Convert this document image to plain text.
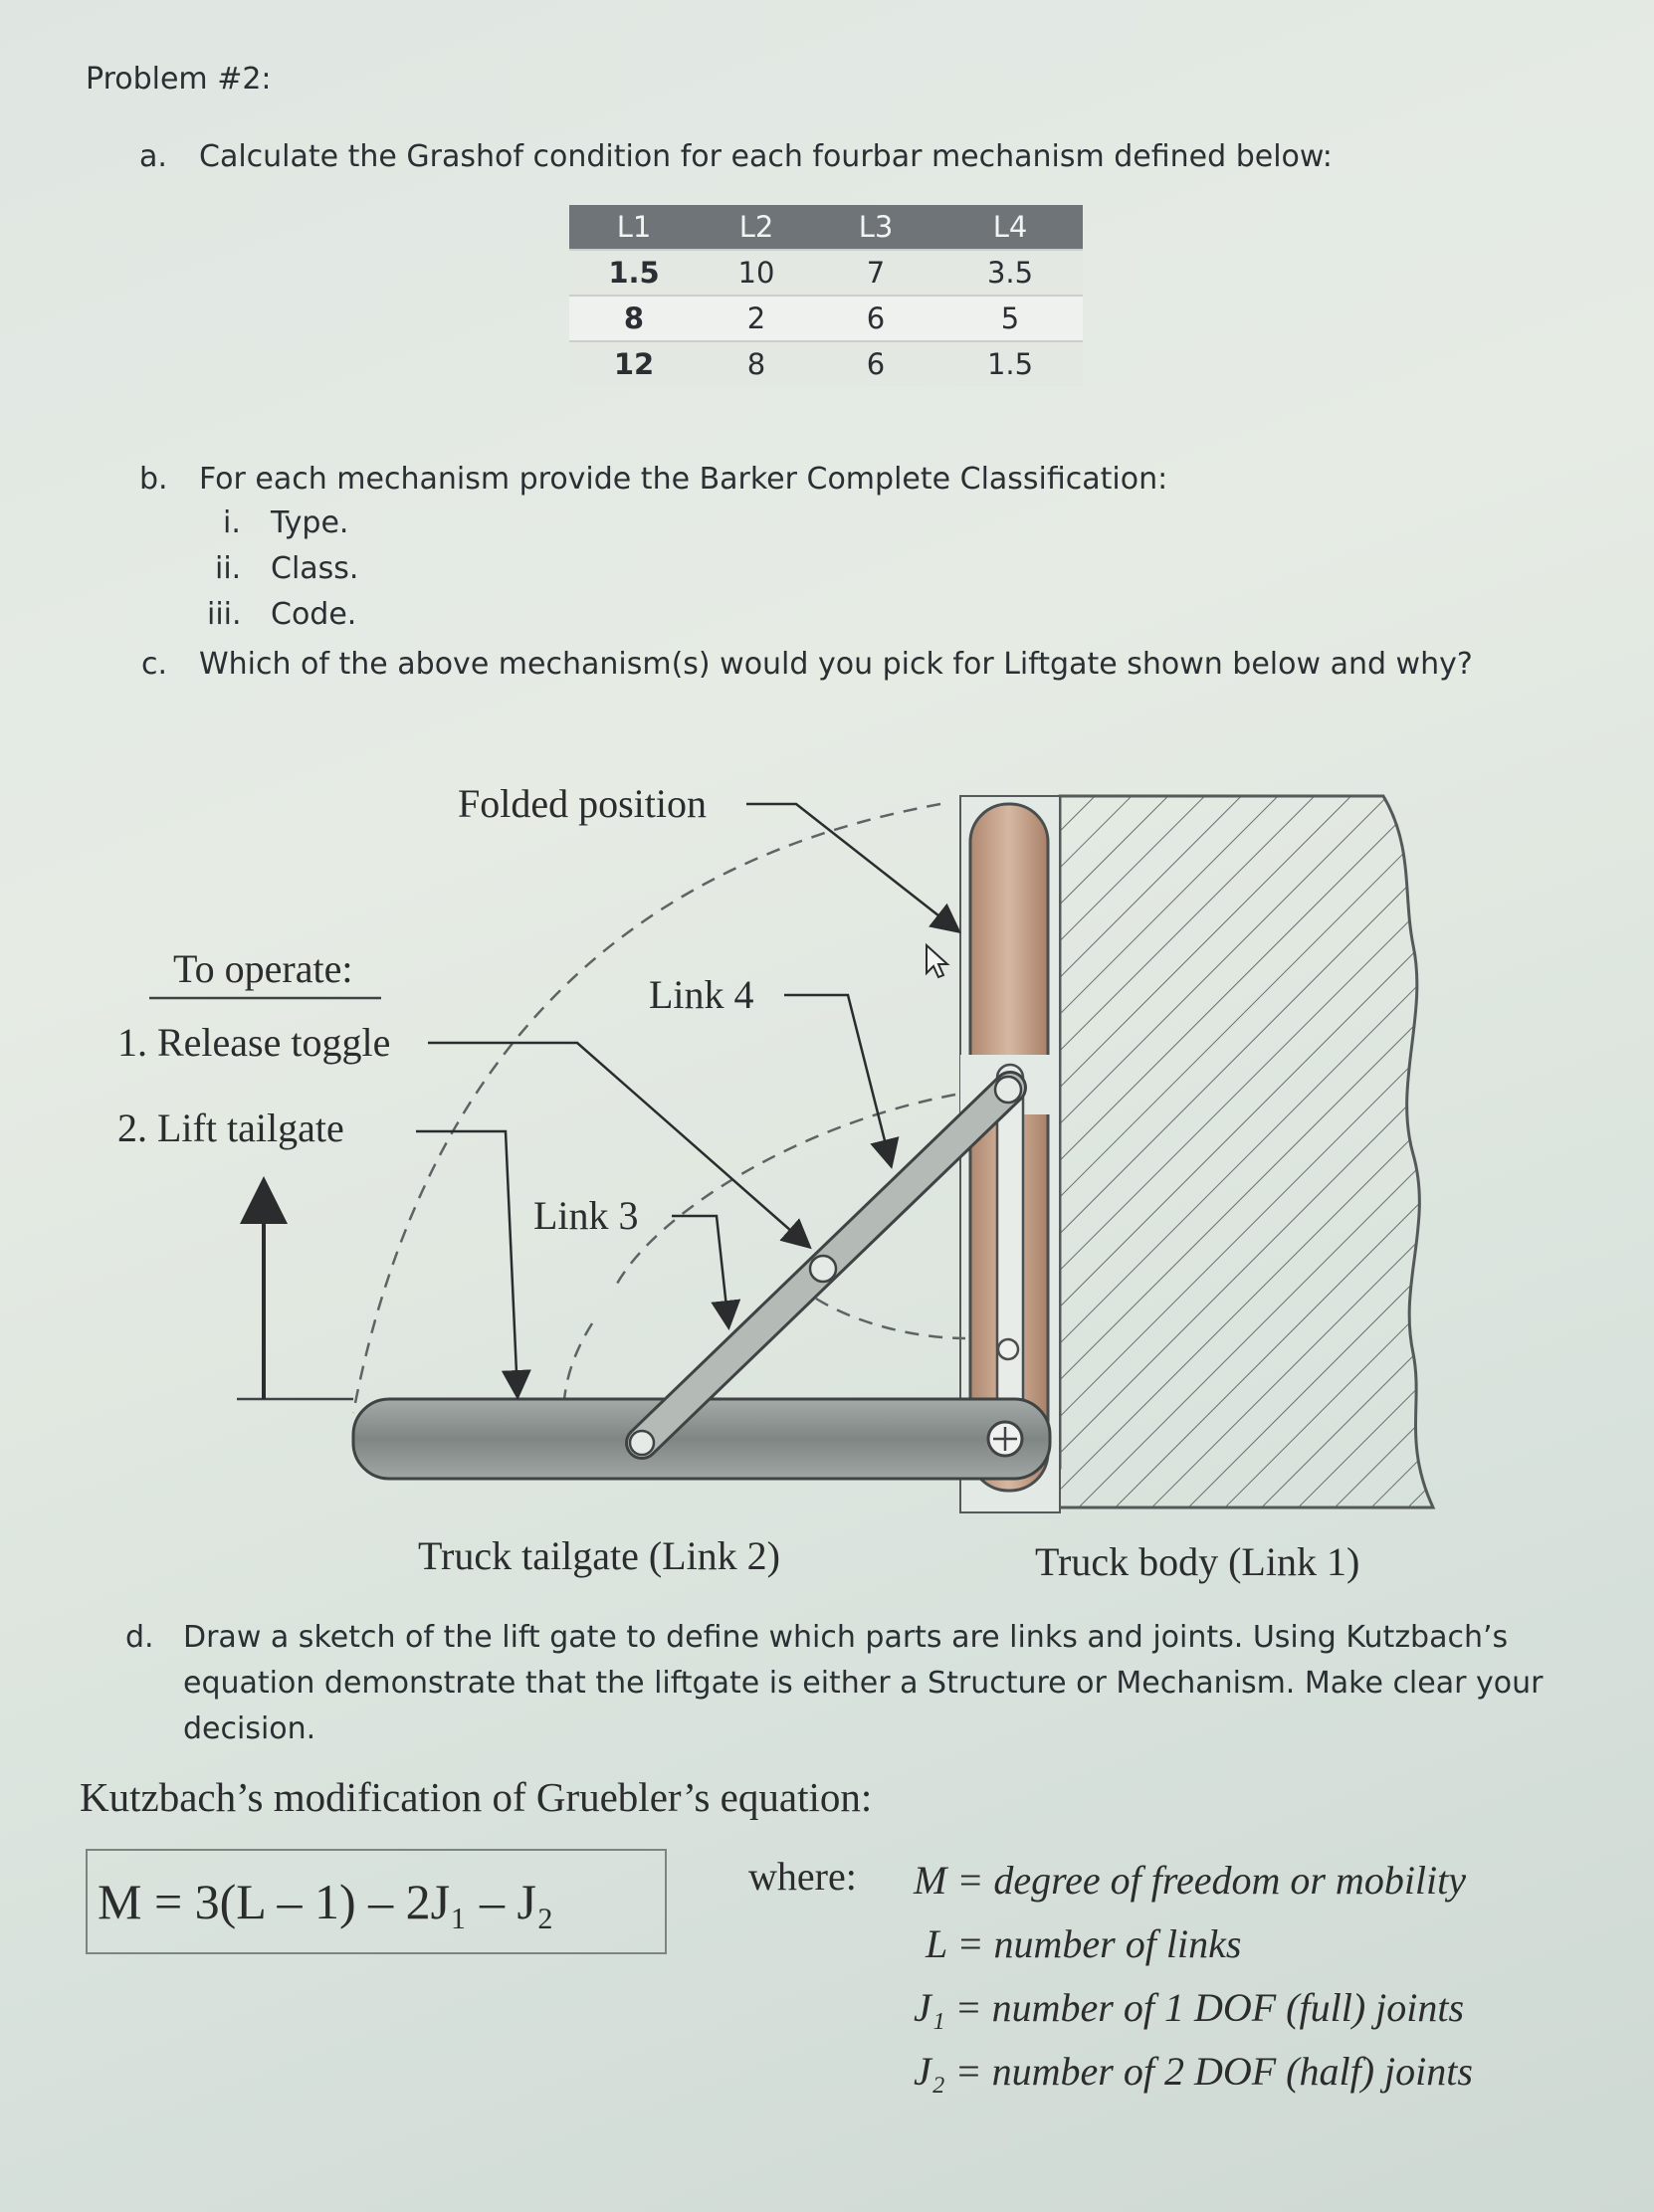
Problem #2:
a. Calculate the Grashof condition for each fourbar mechanism defined below:
L1	L2	L3	L4
1.5	10	7	3.5
8	2	6	5
12	8	6	1.5
b. For each mechanism provide the Barker Complete Classification:
i. Type.
ii. Class.
iii. Code.
c. Which of the above mechanism(s) would you pick for Liftgate shown below and why?
Folded position
To operate:
1. Release toggle
2. Lift tailgate
Link 4
Link 3
Truck tailgate (Link 2)	Truck body (Link 1)
d. Draw a sketch of the lift gate to define which parts are links and joints. Using Kutzbach’s
equation demonstrate that the liftgate is either a Structure or Mechanism. Make clear your
decision.
Kutzbach’s modification of Gruebler’s equation:
M = 3(L – 1) – 2J₁ – J₂	where: M = degree of freedom or mobility
L = number of links
J₁ = number of 1 DOF (full) joints
J₂ = number of 2 DOF (half) joints
